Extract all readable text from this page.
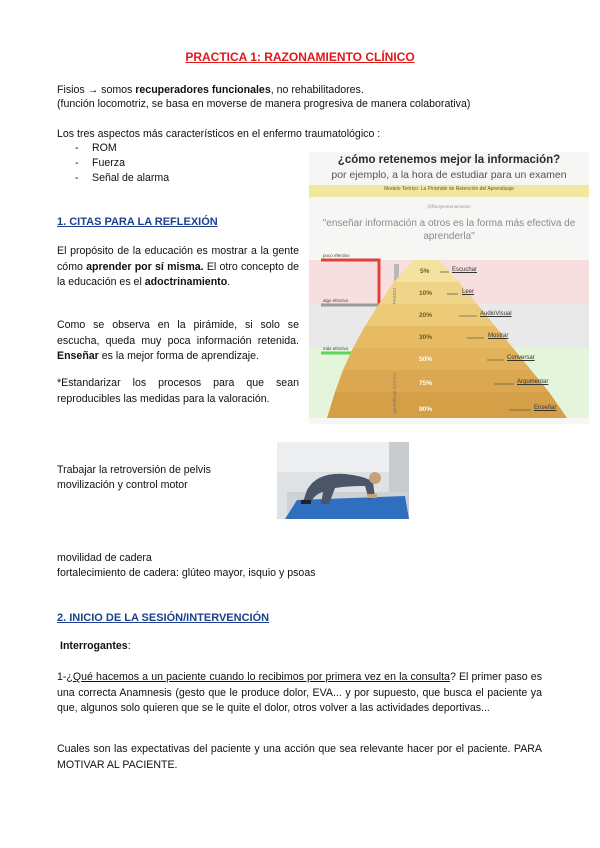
PRACTICA 1: RAZONAMIENTO CLÍNICO
Fisios → somos recuperadores funcionales, no rehabilitadores.
(función locomotriz, se basa en moverse de manera progresiva de manera colaborativa)
Los tres aspectos más característicos en el enfermo traumatológico :
- ROM
- Fuerza
- Señal de alarma
1. CITAS PARA LA REFLEXIÓN
El propósito de la educación es mostrar a la gente cómo aprender por sí misma. El otro concepto de la educación es el adoctrinamiento.
Como se observa en la pirámide, si solo se escucha, queda muy poca información retenida. Enseñar es la mejor forma de aprendizaje.
*Estandarizar los procesos para que sean reproducibles las medidas para la valoración.
¿cómo retenemos mejor la información?
por ejemplo, a la hora de estudiar para un examen
Modelo Teórico: La Pirámide de Retención del Aprendizaje
@fisioyentrenamiento
"enseñar información a otros es la forma más efectiva de aprenderla"
poco efectivo
algo efectivo
más efectivo
PASIVO
aprendizaje ACTIVO
5%	Escuchar
10%	Leer
20%	AudioVisual
30%	Mostrar
50%	Conversar
75%	Argumentar
90%	Enseñar
Trabajar la retroversión de pelvis
movilización y control motor
movilidad de cadera
fortalecimiento de cadera: glúteo mayor, isquio y psoas
2. INICIO DE LA SESIÓN/INTERVENCIÓN
Interrogantes:
1-¿Qué hacemos a un paciente cuando lo recibimos por primera vez en la consulta? El primer paso es una correcta Anamnesis (gesto que le produce dolor, EVA... y por supuesto, que busca el paciente ya que, algunos solo quieren que se le quite el dolor, otros volver a las actividades deportivas...
Cuales son las expectativas del paciente y una acción que sea relevante hacer por el paciente. PARA MOTIVAR AL PACIENTE.
